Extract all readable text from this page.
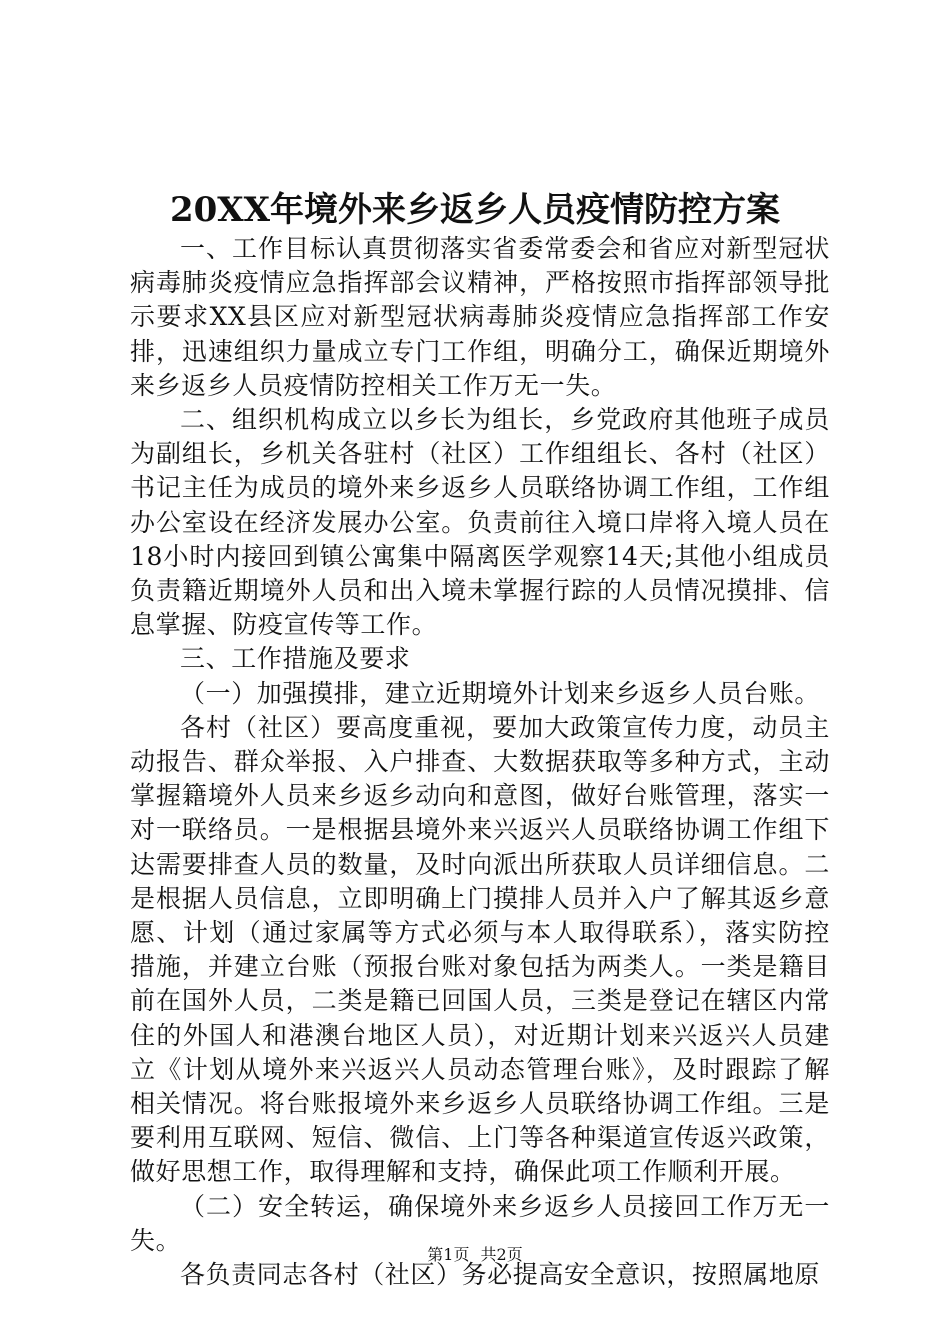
20XX年境外来乡返乡人员疫情防控方案

一、工作目标认真贯彻落实省委常委会和省应对新型冠状病毒肺炎疫情应急指挥部会议精神，严格按照市指挥部领导批示要求XX县区应对新型冠状病毒肺炎疫情应急指挥部工作安排，迅速组织力量成立专门工作组，明确分工，确保近期境外来乡返乡人员疫情防控相关工作万无一失。

二、组织机构成立以乡长为组长，乡党政府其他班子成员为副组长，乡机关各驻村（社区）工作组组长、各村（社区）书记主任为成员的境外来乡返乡人员联络协调工作组，工作组办公室设在经济发展办公室。负责前往入境口岸将入境人员在18小时内接回到镇公寓集中隔离医学观察14天;其他小组成员负责籍近期境外人员和出入境未掌握行踪的人员情况摸排、信息掌握、防疫宣传等工作。

三、工作措施及要求

（一）加强摸排，建立近期境外计划来乡返乡人员台账。

各村（社区）要高度重视，要加大政策宣传力度，动员主动报告、群众举报、入户排查、大数据获取等多种方式，主动掌握籍境外人员来乡返乡动向和意图，做好台账管理，落实一对一联络员。一是根据县境外来兴返兴人员联络协调工作组下达需要排查人员的数量，及时向派出所获取人员详细信息。二是根据人员信息，立即明确上门摸排人员并入户了解其返乡意愿、计划（通过家属等方式必须与本人取得联系），落实防控措施，并建立台账（预报台账对象包括为两类人。一类是籍目前在国外人员，二类是籍已回国人员，三类是登记在辖区内常住的外国人和港澳台地区人员），对近期计划来兴返兴人员建立《计划从境外来兴返兴人员动态管理台账》，及时跟踪了解相关情况。将台账报境外来乡返乡人员联络协调工作组。三是要利用互联网、短信、微信、上门等各种渠道宣传返兴政策，做好思想工作，取得理解和支持，确保此项工作顺利开展。

（二）安全转运，确保境外来乡返乡人员接回工作万无一失。

各负责同志各村（社区）务必提高安全意识，按照属地原

第1页 共2页
